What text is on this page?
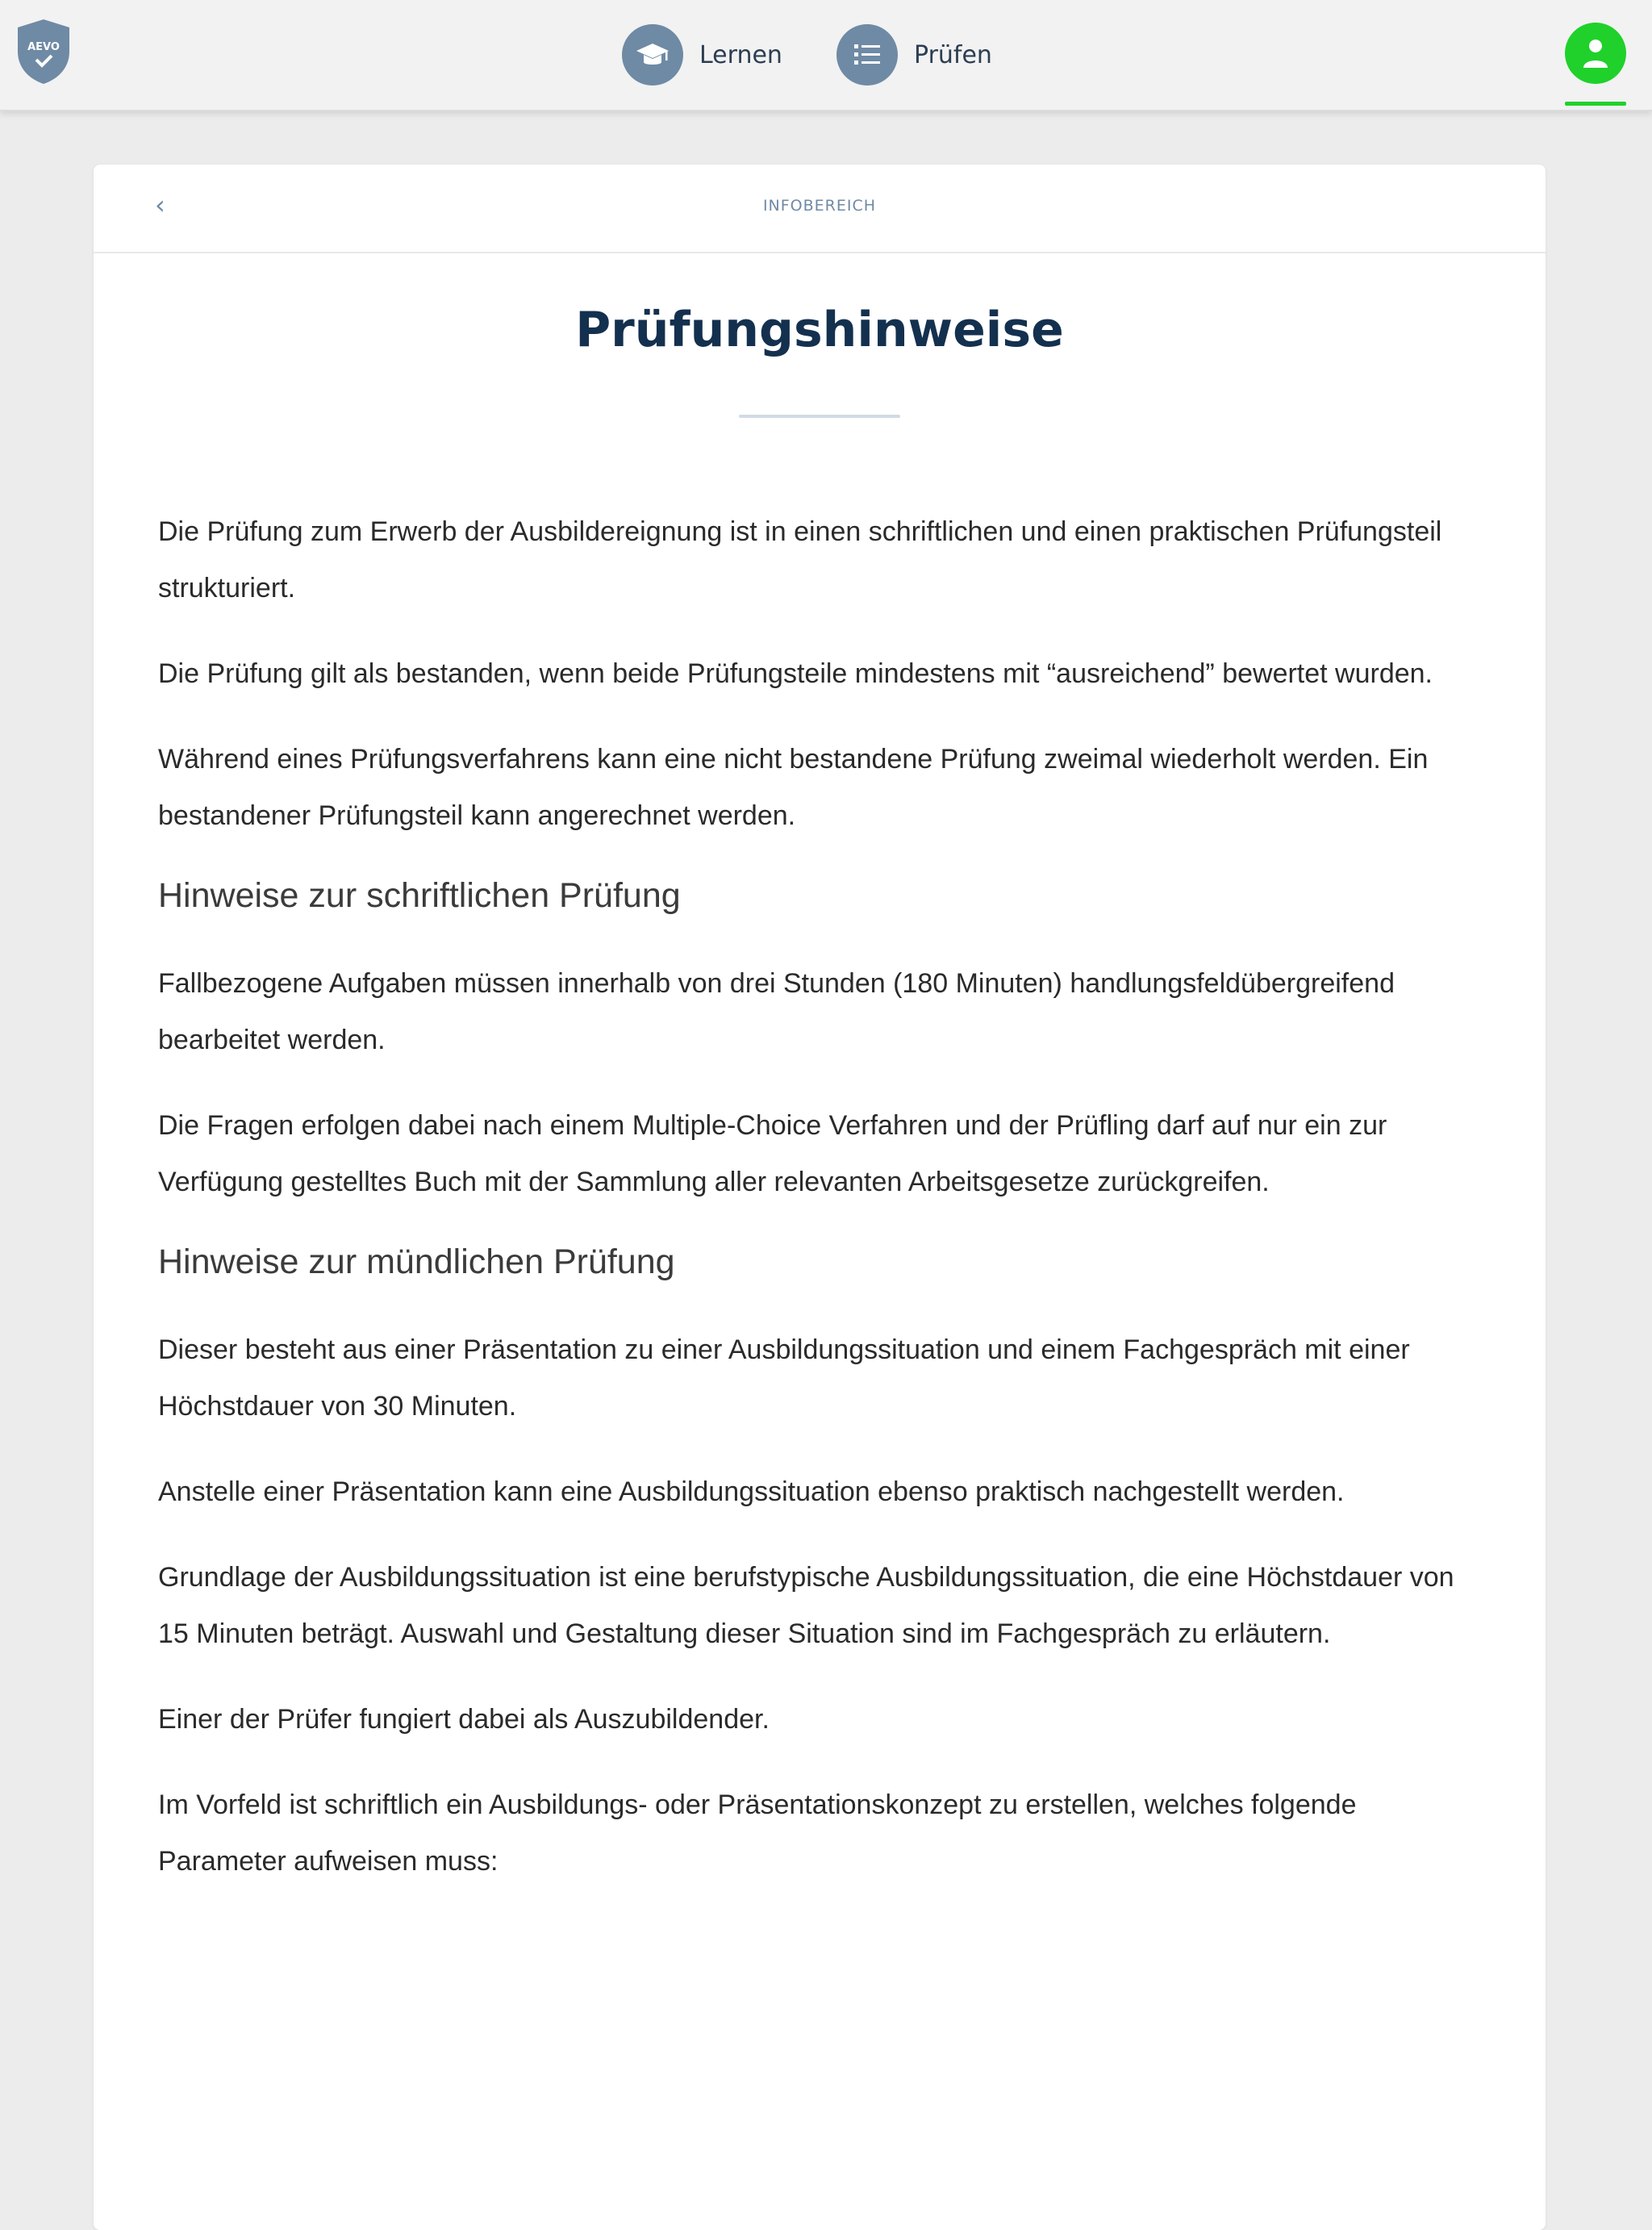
AEVO	Lernen	Prüfen
‹	INFOBEREICH
Prüfungshinweise

Die Prüfung zum Erwerb der Ausbildereignung ist in einen schriftlichen und einen praktischen Prüfungsteil strukturiert.

Die Prüfung gilt als bestanden, wenn beide Prüfungsteile mindestens mit “ausreichend” bewertet wurden.

Während eines Prüfungsverfahrens kann eine nicht bestandene Prüfung zweimal wiederholt werden. Ein bestandener Prüfungsteil kann angerechnet werden.

Hinweise zur schriftlichen Prüfung

Fallbezogene Aufgaben müssen innerhalb von drei Stunden (180 Minuten) handlungsfeldübergreifend bearbeitet werden.

Die Fragen erfolgen dabei nach einem Multiple-Choice Verfahren und der Prüfling darf auf nur ein zur Verfügung gestelltes Buch mit der Sammlung aller relevanten Arbeitsgesetze zurückgreifen.

Hinweise zur mündlichen Prüfung

Dieser besteht aus einer Präsentation zu einer Ausbildungssituation und einem Fachgespräch mit einer Höchstdauer von 30 Minuten.

Anstelle einer Präsentation kann eine Ausbildungssituation ebenso praktisch nachgestellt werden.

Grundlage der Ausbildungssituation ist eine berufstypische Ausbildungssituation, die eine Höchstdauer von 15 Minuten beträgt. Auswahl und Gestaltung dieser Situation sind im Fachgespräch zu erläutern.

Einer der Prüfer fungiert dabei als Auszubildender.

Im Vorfeld ist schriftlich ein Ausbildungs- oder Präsentationskonzept zu erstellen, welches folgende Parameter aufweisen muss:
